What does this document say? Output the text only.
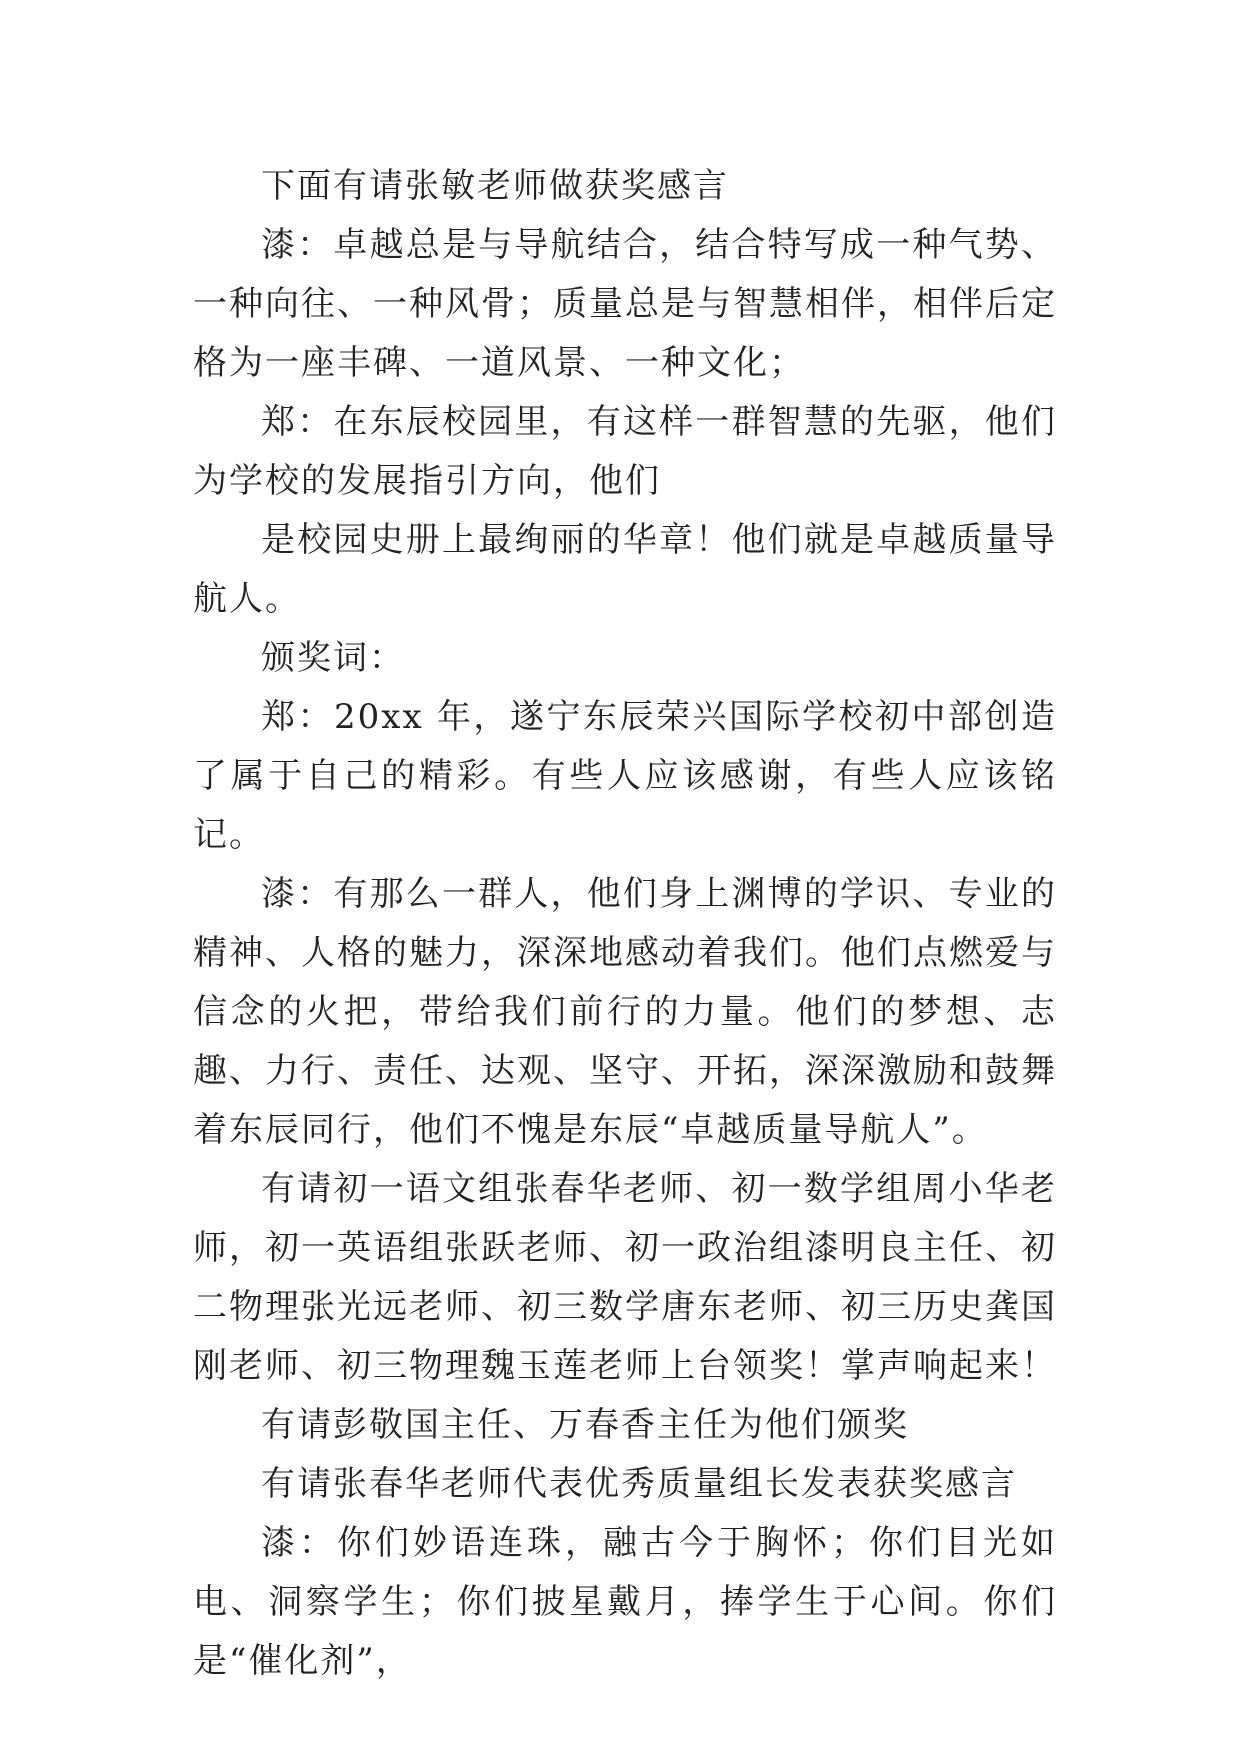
下面有请张敏老师做获奖感言

漆：卓越总是与导航结合，结合特写成一种气势、一种向往、一种风骨；质量总是与智慧相伴，相伴后定格为一座丰碑、一道风景、一种文化；

郑：在东辰校园里，有这样一群智慧的先驱，他们为学校的发展指引方向，他们

是校园史册上最绚丽的华章！他们就是卓越质量导航人。

颁奖词：

郑：20xx 年，遂宁东辰荣兴国际学校初中部创造了属于自己的精彩。有些人应该感谢，有些人应该铭记。

漆：有那么一群人，他们身上渊博的学识、专业的精神、人格的魅力，深深地感动着我们。他们点燃爱与信念的火把，带给我们前行的力量。他们的梦想、志趣、力行、责任、达观、坚守、开拓，深深激励和鼓舞着东辰同行，他们不愧是东辰“卓越质量导航人”。

有请初一语文组张春华老师、初一数学组周小华老师，初一英语组张跃老师、初一政治组漆明良主任、初二物理张光远老师、初三数学唐东老师、初三历史龚国刚老师、初三物理魏玉莲老师上台领奖！掌声响起来！

有请彭敬国主任、万春香主任为他们颁奖

有请张春华老师代表优秀质量组长发表获奖感言

漆：你们妙语连珠，融古今于胸怀；你们目光如电、洞察学生；你们披星戴月，捧学生于心间。你们是“催化剂”，
